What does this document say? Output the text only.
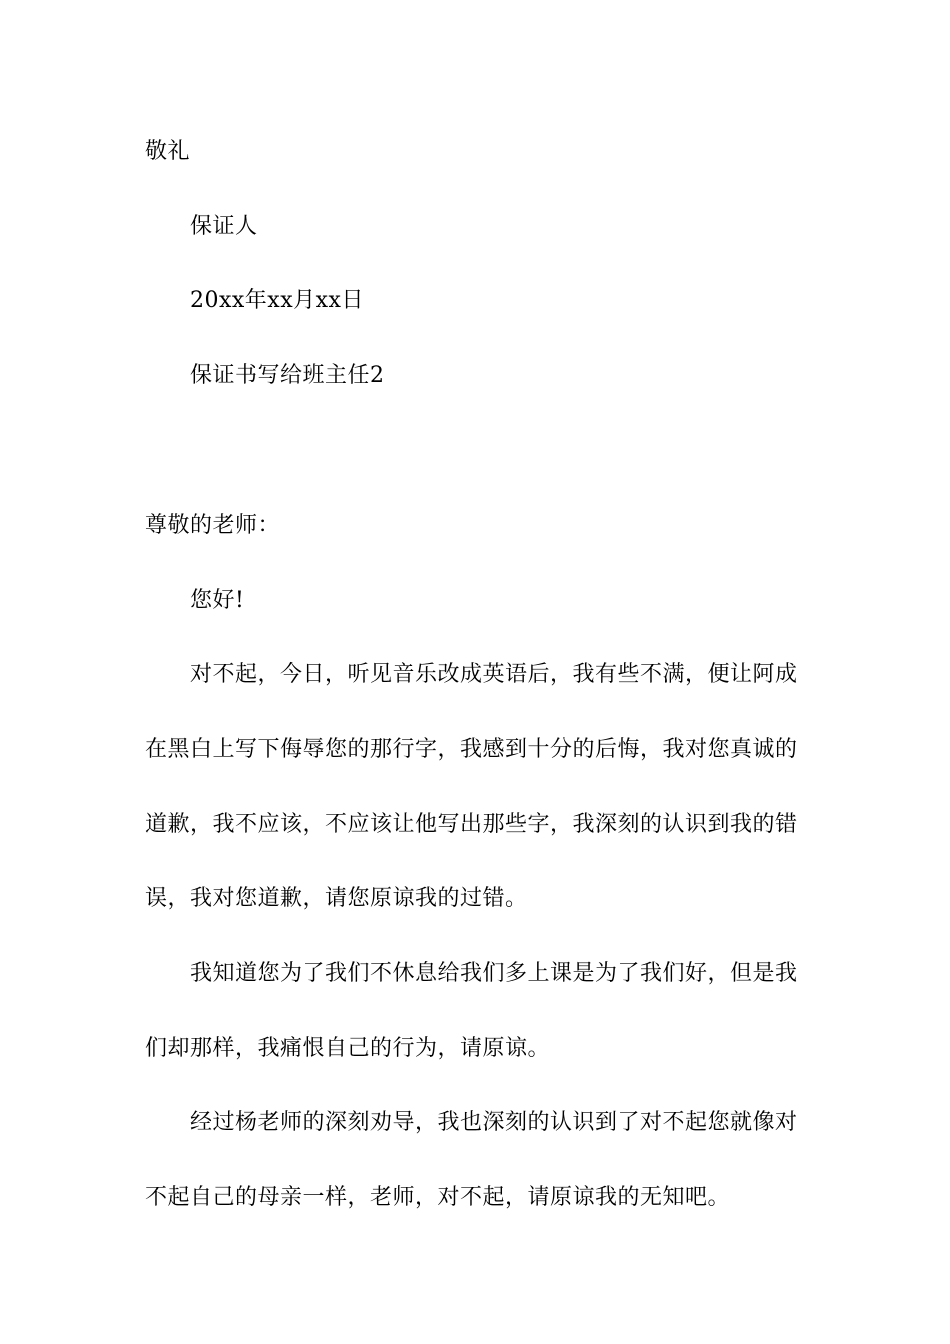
敬礼

保证人

20xx年xx月xx日

保证书写给班主任2

尊敬的老师：

您好!

对不起，今日，听见音乐改成英语后，我有些不满，便让阿成

在黑白上写下侮辱您的那行字，我感到十分的后悔，我对您真诚的

道歉，我不应该，不应该让他写出那些字，我深刻的认识到我的错

误，我对您道歉，请您原谅我的过错。

我知道您为了我们不休息给我们多上课是为了我们好，但是我

们却那样，我痛恨自己的行为，请原谅。

经过杨老师的深刻劝导，我也深刻的认识到了对不起您就像对

不起自己的母亲一样，老师，对不起，请原谅我的无知吧。
